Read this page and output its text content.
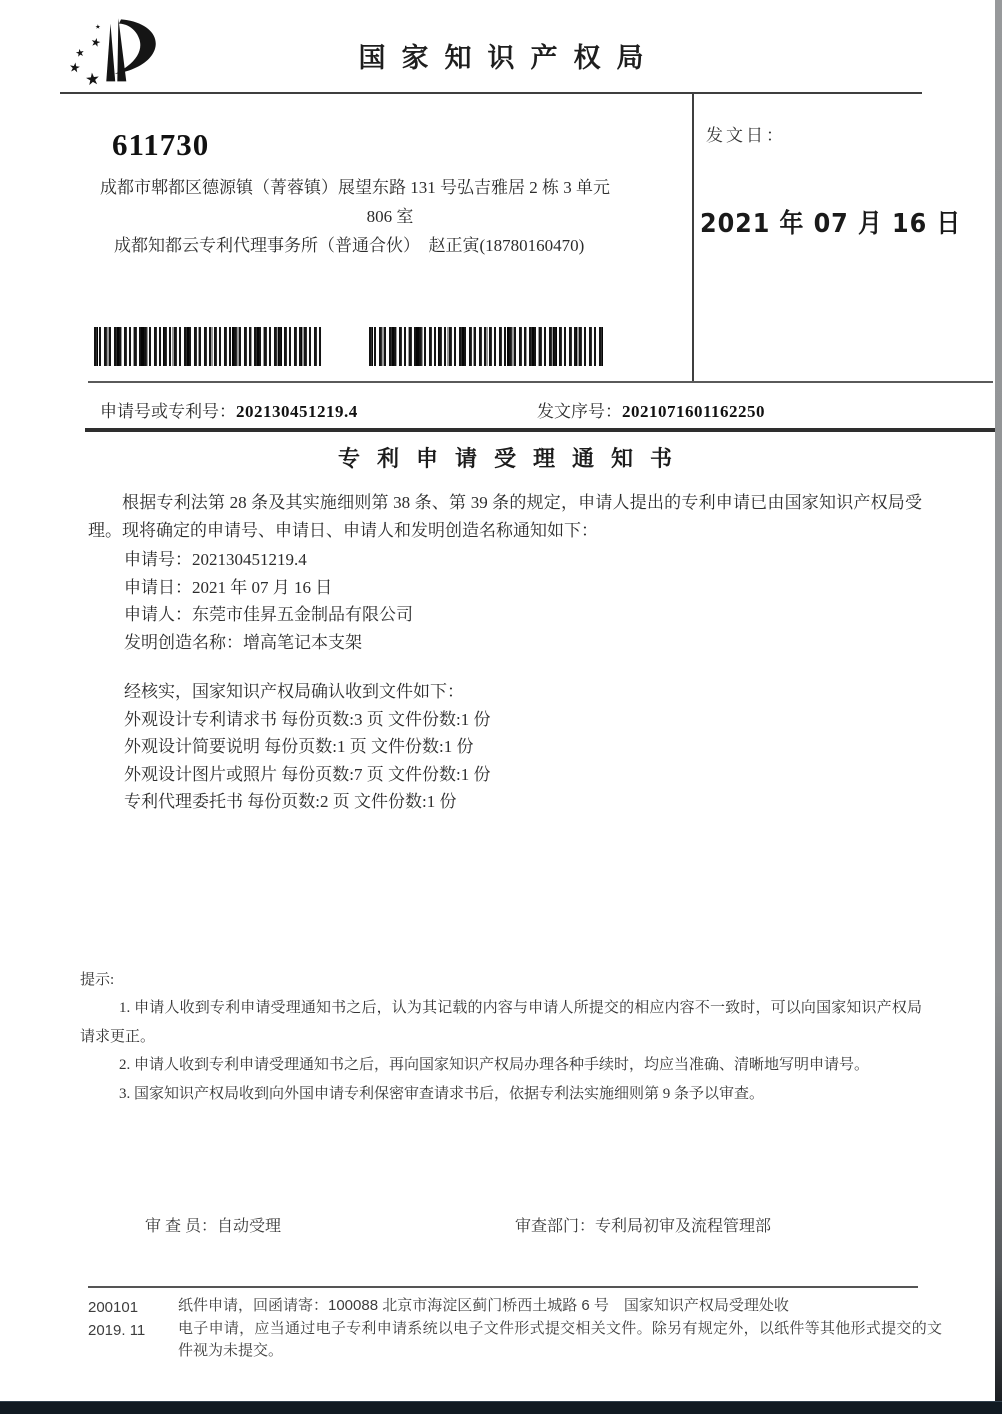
国家知识产权局
611730

成都市郫都区德源镇（菁蓉镇）展望东路 131 号弘吉雅居 2 栋 3 单元

806 室

成都知都云专利代理事务所（普通合伙）　赵正寅(18780160470)

发文日：
2021 年 07 月 16 日
申请号或专利号：202130451219.4	发文序号：2021071601162250
专利申请受理通知书

根据专利法第 28 条及其实施细则第 38 条、第 39 条的规定，申请人提出的专利申请已由国家知识产权局受理。现将确定的申请号、申请日、申请人和发明创造名称通知如下：

申请号：202130451219.4
申请日：2021 年 07 月 16 日
申请人：东莞市佳昇五金制品有限公司
发明创造名称：增高笔记本支架
经核实，国家知识产权局确认收到文件如下：
外观设计专利请求书 每份页数:3 页 文件份数:1 份
外观设计简要说明 每份页数:1 页 文件份数:1 份
外观设计图片或照片 每份页数:7 页 文件份数:1 份
专利代理委托书 每份页数:2 页 文件份数:1 份
提示:
1. 申请人收到专利申请受理通知书之后，认为其记载的内容与申请人所提交的相应内容不一致时，可以向国家知识产权局请求更正。
2. 申请人收到专利申请受理通知书之后，再向国家知识产权局办理各种手续时，均应当准确、清晰地写明申请号。
3. 国家知识产权局收到向外国申请专利保密审查请求书后，依据专利法实施细则第 9 条予以审查。
审 查 员：自动受理	审查部门：专利局初审及流程管理部
200101
2019. 11

纸件申请，回函请寄：100088 北京市海淀区蓟门桥西土城路 6 号　国家知识产权局受理处收

电子申请，应当通过电子专利申请系统以电子文件形式提交相关文件。除另有规定外，以纸件等其他形式提交的文件视为未提交。
